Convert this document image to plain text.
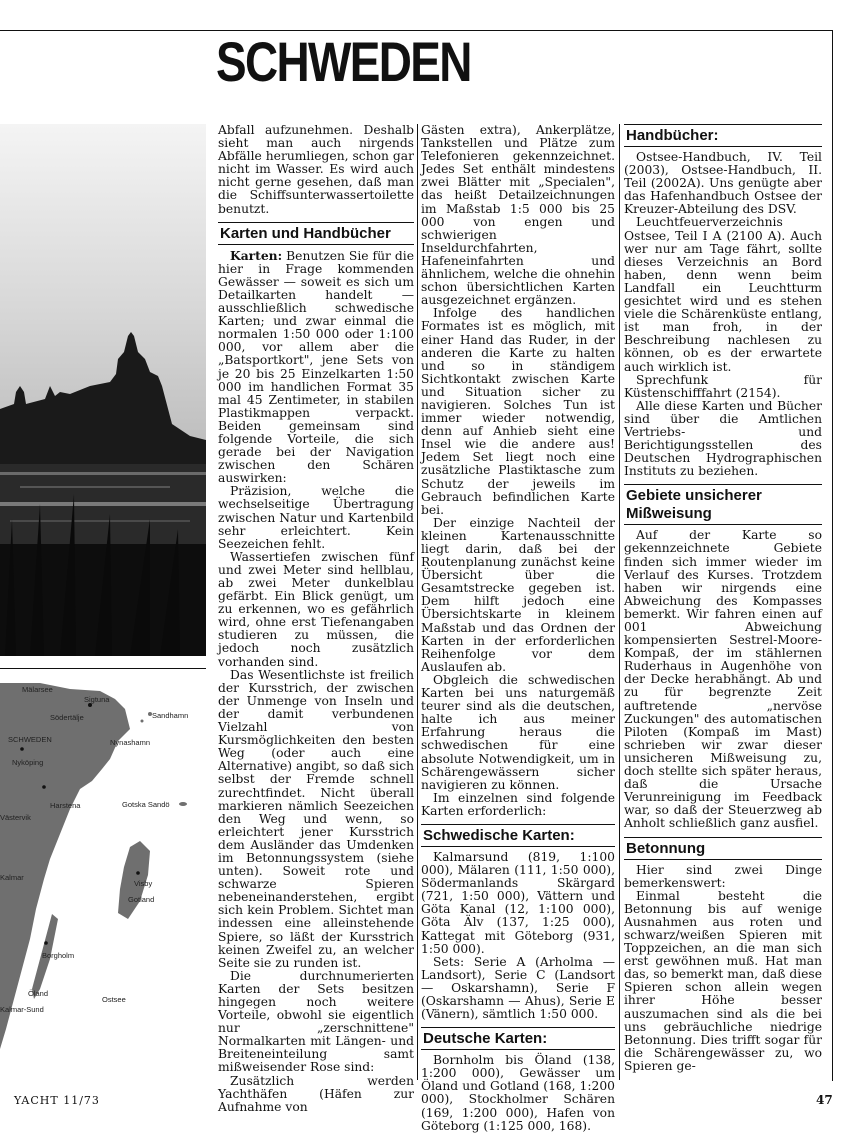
SCHWEDEN
Mälarsee
Sigtuna
Södertälje	Sandhamn
SCHWEDEN	Nynashamn
Nyköping
Harstena	Gotska Sandö
Västervik
Visby
Kalmar
Gotland
Borgholm
Öland
Ostsee
Kalmar-Sund

Abfall aufzunehmen. Deshalb sieht man auch nirgends Abfälle herumliegen, schon gar nicht im Wasser. Es wird auch nicht gerne gesehen, daß man die Schiffsunterwassertoilette benutzt.

Karten und Handbücher

Karten: Benutzen Sie für die hier in Frage kommenden Gewässer — soweit es sich um Detailkarten handelt — ausschließlich schwedische Karten; und zwar einmal die normalen 1:50 000 oder 1:100 000, vor allem aber die „Batsportkort", jene Sets von je 20 bis 25 Einzelkarten 1:50 000 im handlichen Format 35 mal 45 Zentimeter, in stabilen Plastikmappen verpackt. Beiden gemeinsam sind folgende Vorteile, die sich gerade bei der Navigation zwischen den Schären auswirken:

Präzision, welche die wechselseitige Übertragung zwischen Natur und Kartenbild sehr erleichtert. Kein Seezeichen fehlt.

Wassertiefen zwischen fünf und zwei Meter sind hellblau, ab zwei Meter dunkelblau gefärbt. Ein Blick genügt, um zu erkennen, wo es gefährlich wird, ohne erst Tiefenangaben studieren zu müssen, die jedoch noch zusätzlich vorhanden sind.

Das Wesentlichste ist freilich der Kursstrich, der zwischen der Unmenge von Inseln und der damit verbundenen Vielzahl von Kursmöglichkeiten den besten Weg (oder auch eine Alternative) angibt, so daß sich selbst der Fremde schnell zurechtfindet. Nicht überall markieren nämlich Seezeichen den Weg und wenn, so erleichtert jener Kursstrich dem Ausländer das Umdenken im Betonnungssystem (siehe unten). Soweit rote und schwarze Spieren nebeneinanderstehen, ergibt sich kein Problem. Sichtet man indessen eine alleinstehende Spiere, so läßt der Kursstrich keinen Zweifel zu, an welcher Seite sie zu runden ist.

Die durchnumerierten Karten der Sets besitzen hingegen noch weitere Vorteile, obwohl sie eigentlich nur „zerschnittene" Normalkarten mit Längen- und Breiteneinteilung samt mißweisender Rose sind:

Zusätzlich werden Yachthäfen (Häfen zur Aufnahme von

Gästen extra), Ankerplätze, Tankstellen und Plätze zum Telefonieren gekennzeichnet. Jedes Set enthält mindestens zwei Blätter mit „Specialen", das heißt Detailzeichnungen im Maßstab 1:5 000 bis 25 000 von engen und schwierigen Inseldurchfahrten, Hafeneinfahrten und ähnlichem, welche die ohnehin schon übersichtlichen Karten ausgezeichnet ergänzen.

Infolge des handlichen Formates ist es möglich, mit einer Hand das Ruder, in der anderen die Karte zu halten und so in ständigem Sichtkontakt zwischen Karte und Situation sicher zu navigieren. Solches Tun ist immer wieder notwendig, denn auf Anhieb sieht eine Insel wie die andere aus! Jedem Set liegt noch eine zusätzliche Plastiktasche zum Schutz der jeweils im Gebrauch befindlichen Karte bei.

Der einzige Nachteil der kleinen Kartenausschnitte liegt darin, daß bei der Routenplanung zunächst keine Übersicht über die Gesamtstrecke gegeben ist. Dem hilft jedoch eine Übersichtskarte in kleinem Maßstab und das Ordnen der Karten in der erforderlichen Reihenfolge vor dem Auslaufen ab.

Obgleich die schwedischen Karten bei uns naturgemäß teurer sind als die deutschen, halte ich aus meiner Erfahrung heraus die schwedischen für eine absolute Notwendigkeit, um in Schärengewässern sicher navigieren zu können.

Im einzelnen sind folgende Karten erforderlich:

Schwedische Karten:

Kalmarsund (819, 1:100 000), Mälaren (111, 1:50 000), Södermanlands Skärgard (721, 1:50 000), Vättern und Göta Kanal (12, 1:100 000), Göta Älv (137, 1:25 000), Kattegat mit Göteborg (931, 1:50 000).

Sets: Serie A (Arholma — Landsort), Serie C (Landsort — Oskarshamn), Serie F (Oskarshamn — Ahus), Serie E (Vänern), sämtlich 1:50 000.

Deutsche Karten:

Bornholm bis Öland (138, 1:200 000), Gewässer um Öland und Gotland (168, 1:200 000), Stockholmer Schären (169, 1:200 000), Hafen von Göteborg (1:125 000, 168).

Handbücher:

Ostsee-Handbuch, IV. Teil (2003), Ostsee-Handbuch, II. Teil (2002A). Uns genügte aber das Hafenhandbuch Ostsee der Kreuzer-Abteilung des DSV.

Leuchtfeuerverzeichnis Ostsee, Teil I A (2100 A). Auch wer nur am Tage fährt, sollte dieses Verzeichnis an Bord haben, denn wenn beim Landfall ein Leuchtturm gesichtet wird und es stehen viele die Schärenküste entlang, ist man froh, in der Beschreibung nachlesen zu können, ob es der erwartete auch wirklich ist.

Sprechfunk für Küstenschifffahrt (2154).

Alle diese Karten und Bücher sind über die Amtlichen Vertriebs- und Berichtigungsstellen des Deutschen Hydrographischen Instituts zu beziehen.

Gebiete unsicherer Mißweisung

Auf der Karte so gekennzeichnete Gebiete finden sich immer wieder im Verlauf des Kurses. Trotzdem haben wir nirgends eine Abweichung des Kompasses bemerkt. Wir fahren einen auf 001 Abweichung kompensierten Sestrel-Moore-Kompaß, der im stählernen Ruderhaus in Augenhöhe von der Decke herabhängt. Ab und zu für begrenzte Zeit auftretende „nervöse Zuckungen" des automatischen Piloten (Kompaß im Mast) schrieben wir zwar dieser unsicheren Mißweisung zu, doch stellte sich später heraus, daß die Ursache Verunreinigung im Feedback war, so daß der Steuerzweg ab Anholt schließlich ganz ausfiel.

Betonnung

Hier sind zwei Dinge bemerkenswert:

Einmal besteht die Betonnung bis auf wenige Ausnahmen aus roten und schwarz/weißen Spieren mit Toppzeichen, an die man sich erst gewöhnen muß. Hat man das, so bemerkt man, daß diese Spieren schon allein wegen ihrer Höhe besser auszumachen sind als die bei uns gebräuchliche niedrige Betonnung. Dies trifft sogar für die Schärengewässer zu, wo Spieren ge-

YACHT 11/73	47
